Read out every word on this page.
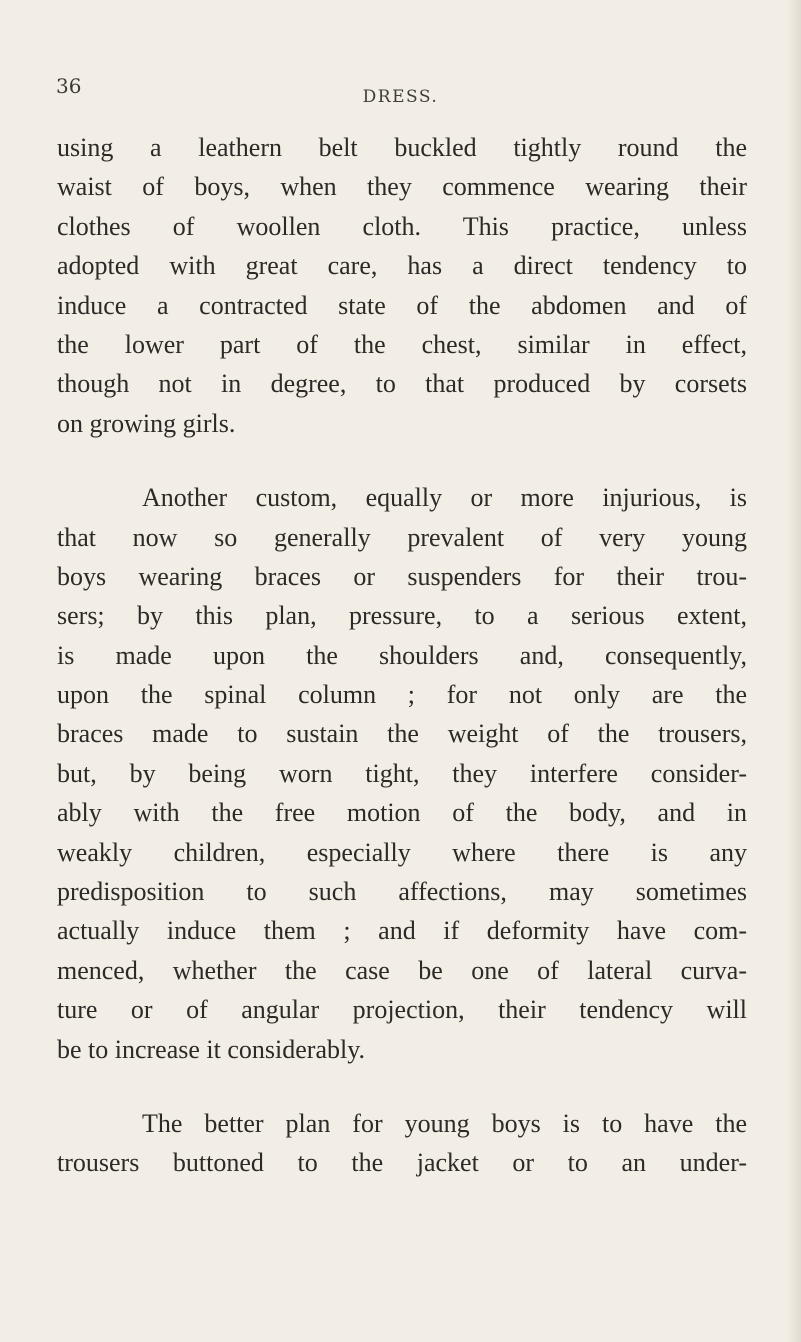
36	DRESS.
using a leathern belt buckled tightly round the
waist of boys, when they commence wearing their
clothes of woollen cloth. This practice, unless
adopted with great care, has a direct tendency to
induce a contracted state of the abdomen and of
the lower part of the chest, similar in effect,
though not in degree, to that produced by corsets
on growing girls.
Another custom, equally or more injurious, is
that now so generally prevalent of very young
boys wearing braces or suspenders for their trou-
sers; by this plan, pressure, to a serious extent,
is made upon the shoulders and, consequently,
upon the spinal column ; for not only are the
braces made to sustain the weight of the trousers,
but, by being worn tight, they interfere consider-
ably with the free motion of the body, and in
weakly children, especially where there is any
predisposition to such affections, may sometimes
actually induce them ; and if deformity have com-
menced, whether the case be one of lateral curva-
ture or of angular projection, their tendency will
be to increase it considerably.
The better plan for young boys is to have the
trousers buttoned to the jacket or to an under-
